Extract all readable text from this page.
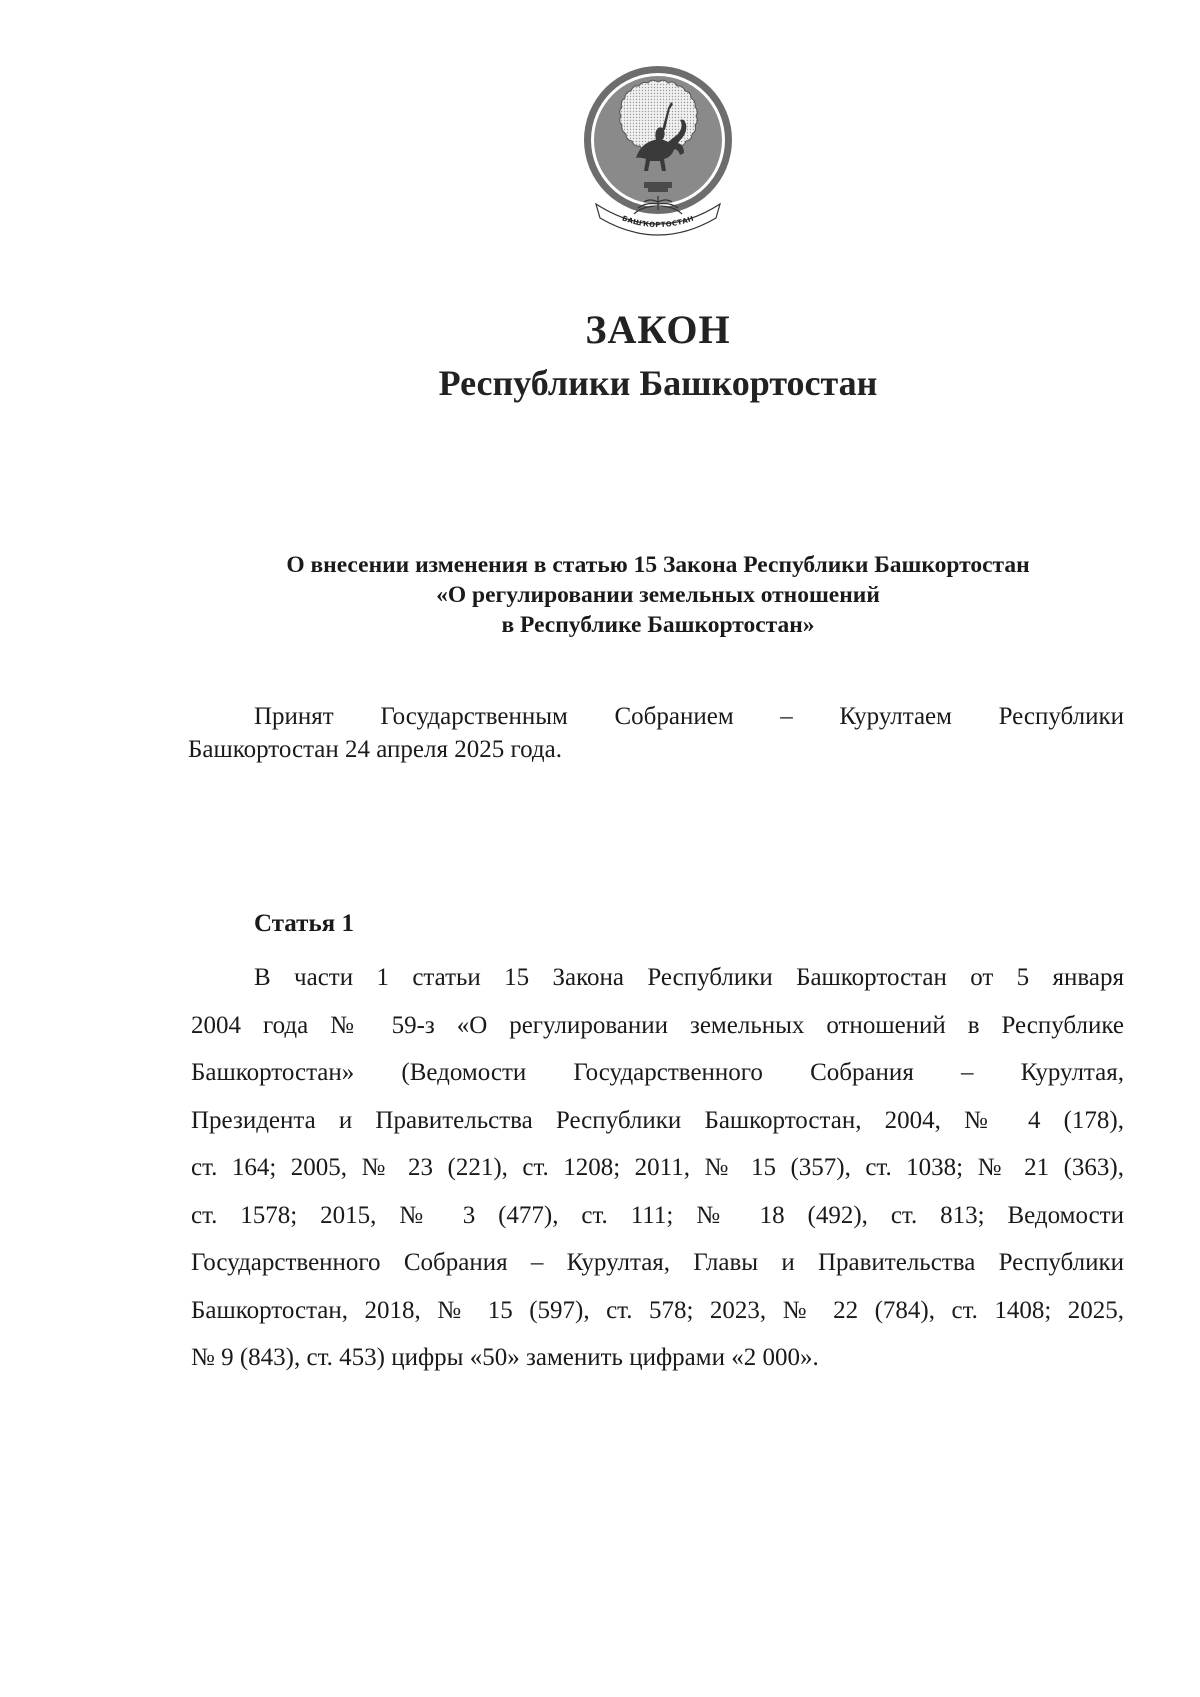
БАШҠОРТОСТАН
ЗАКОН
Республики Башкортостан

О внесении изменения в статью 15 Закона Республики Башкортостан
«О регулировании земельных отношений
в Республике Башкортостан»

Принят Государственным Собранием – Курултаем Республики
Башкортостан 24 апреля 2025 года.

Статья 1

В части 1 статьи 15 Закона Республики Башкортостан от 5 января
2004 года № 59-з «О регулировании земельных отношений в Республике
Башкортостан» (Ведомости Государственного Собрания – Курултая,
Президента и Правительства Республики Башкортостан, 2004, № 4 (178),
ст. 164; 2005, № 23 (221), ст. 1208; 2011, № 15 (357), ст. 1038; № 21 (363),
ст. 1578; 2015, № 3 (477), ст. 111; № 18 (492), ст. 813; Ведомости
Государственного Собрания – Курултая, Главы и Правительства Республики
Башкортостан, 2018, № 15 (597), ст. 578; 2023, № 22 (784), ст. 1408; 2025,
№ 9 (843), ст. 453) цифры «50» заменить цифрами «2 000».
